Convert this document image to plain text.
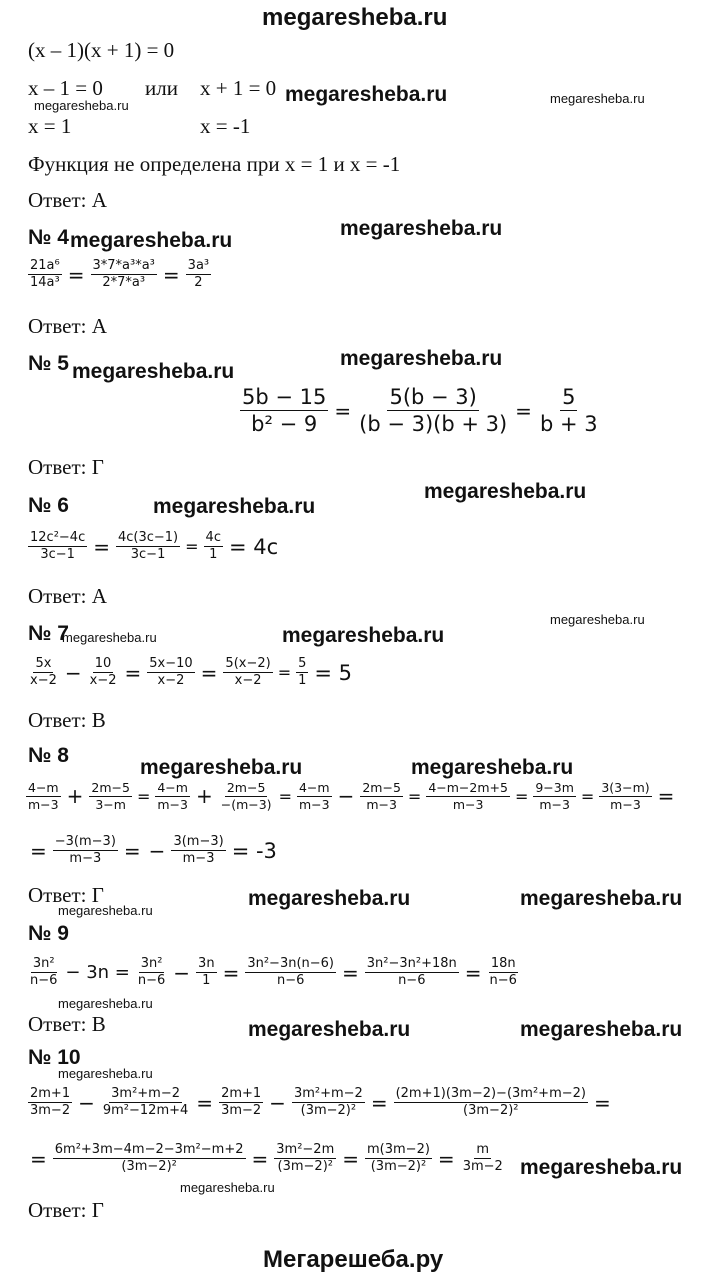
megaresheba.ru
(x – 1)(x + 1) = 0
x – 1 = 0 или x + 1 = 0 megaresheba.ru
megaresheba.ru	megaresheba.ru
x = 1	x = -1
Функция не определена при x = 1 и x = -1
Ответ: А
№ 4 megaresheba.ru
megaresheba.ru
$\frac{\text{21a⁶}}{\text{14a³}} = \frac{\text{3*7*a³*a³}}{\text{2*7*a³}} = \frac{\text{3a³}}{2}$
Ответ: А
№ 5 megaresheba.ru
megaresheba.ru
$\frac{5b - 15}{\text{b² − 9}} = \frac{5(b - 3)}{(b - 3)(b + 3)} = \frac{5}{b + 3}$
Ответ: Г
№ 6	megaresheba.ru
megaresheba.ru
$\frac{\text{12c²−4c}}{3c-1} = \frac{4c(3c-1)}{3c-1} = \frac{4c}{1} = 4c$
Ответ: А
megaresheba.ru
№ 7
megaresheba.ru	megaresheba.ru
$\frac{5x}{x-2} - \frac{10}{x-2} = \frac{5x-10}{x-2} = \frac{5(x-2)}{x-2} = \frac{5}{1} = 5$
Ответ: В
№ 8
megaresheba.ru	megaresheba.ru
$\frac{4-m}{m-3} + \frac{2m-5}{3-m} = \frac{4-m}{m-3} + \frac{2m-5}{-(m-3)} = \frac{4-m}{m-3} - \frac{2m-5}{m-3} = \frac{4-m-2m+5}{m-3} = \frac{9-3m}{m-3} = \frac{3(3-m)}{m-3}$ =
= $\frac{-3(m-3)}{m-3}$ = − $\frac{3(m-3)}{m-3} = -3$
Ответ: Г
megaresheba.ru
megaresheba.ru	megaresheba.ru
№ 9
$\frac{\text{3n²}}{n-6} - 3n = \frac{\text{3n²}}{n-6} - \frac{3n}{1} = \frac{\text{3n²−3n(n−6)}}{n-6} = \frac{\text{3n²−3n²+18n}}{n-6} = \frac{18n}{n-6}$
megaresheba.ru
Ответ: В	megaresheba.ru	megaresheba.ru
№ 10
megaresheba.ru
$\frac{2m+1}{3m-2} - \frac{\text{3m²+m−2}}{\text{9m²−12m+4}} = \frac{2m+1}{3m-2} - \frac{\text{3m²+m−2}}{\text{(3m−2)²}} = \frac{\text{(2m+1)(3m−2)−(3m²+m−2)}}{\text{(3m−2)²}}$ =
= $\frac{\text{6m²+3m−4m−2−3m²−m+2}}{\text{(3m−2)²}} = \frac{\text{3m²−2m}}{\text{(3m−2)²}} = \frac{m(3m-2)}{\text{(3m−2)²}} = \frac{m}{3m-2}$
megaresheba.ru
megaresheba.ru
Ответ: Г
Мегарешеба.ру
